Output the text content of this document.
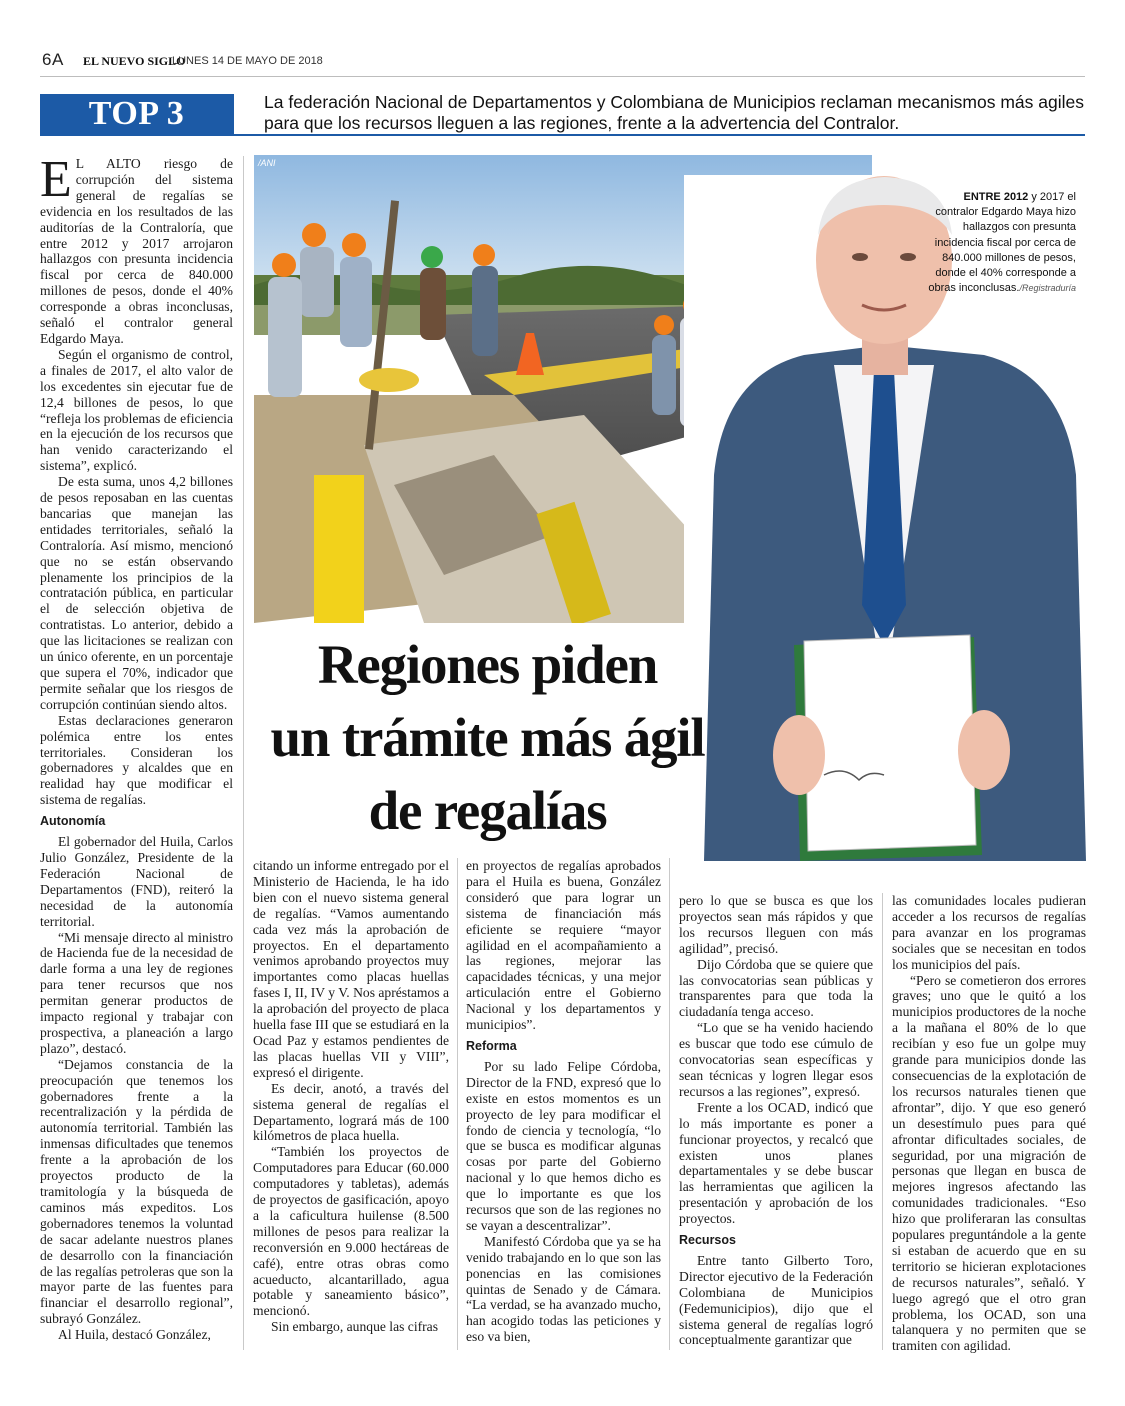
6A EL NUEVO SIGLO
LUNES 14 DE MAYO DE 2018
TOP 3	La federación Nacional de Departamentos y Colombiana de Municipios reclaman mecanismos más agiles para que los recursos lleguen a las regiones, frente a la advertencia del Contralor.

E L ALTO riesgo de corrupción del sistema general de regalías se evidencia en los resultados de las auditorías de la Contraloría, que entre 2012 y 2017 arrojaron hallazgos con presunta incidencia fiscal por cerca de 840.000 millones de pesos, donde el 40% corresponde a obras inconclusas, señaló el contralor general Edgardo Maya.

Según el organismo de control, a finales de 2017, el alto valor de los excedentes sin ejecutar fue de 12,4 billones de pesos, lo que “refleja los problemas de eficiencia en la ejecución de los recursos que han venido caracterizando el sistema”, explicó.

De esta suma, unos 4,2 billones de pesos reposaban en las cuentas bancarias que manejan las entidades territoriales, señaló la Contraloría. Así mismo, mencionó que no se están observando plenamente los principios de la contratación pública, en particular el de selección objetiva de contratistas. Lo anterior, debido a que las licitaciones se realizan con un único oferente, en un porcentaje que supera el 70%, indicador que permite señalar que los riesgos de corrupción continúan siendo altos.

Estas declaraciones generaron polémica entre los entes territoriales. Consideran los gobernadores y alcaldes que en realidad hay que modificar el sistema de regalías.

Autonomía

El gobernador del Huila, Carlos Julio González, Presidente de la Federación Nacional de Departamentos (FND), reiteró la necesidad de la autonomía territorial.

“Mi mensaje directo al ministro de Hacienda fue de la necesidad de darle forma a una ley de regiones para tener recursos que nos permitan generar productos de impacto regional y trabajar con prospectiva, a planeación a largo plazo”, destacó.

“Dejamos constancia de la preocupación que tenemos los gobernadores frente a la recentralización y la pérdida de autonomía territorial. También las inmensas dificultades que tenemos frente a la aprobación de los proyectos producto de la tramitología y la búsqueda de caminos más expeditos. Los gobernadores tenemos la voluntad de sacar adelante nuestros planes de desarrollo con la financiación de las regalías petroleras que son la mayor parte de las fuentes para financiar el desarrollo regional”, subrayó González.

Al Huila, destacó González,

/ANI
ENTRE 2012 y 2017 el contralor Edgardo Maya hizo hallazgos con presunta incidencia fiscal por cerca de 840.000 millones de pesos, donde el 40% corresponde a obras inconclusas./Registraduría
Regiones piden
un trámite más ágil
de regalías

citando un informe entregado por el Ministerio de Hacienda, le ha ido bien con el nuevo sistema general de regalías. “Vamos aumentando cada vez más la aprobación de proyectos. En el departamento venimos aprobando proyectos muy importantes como placas huellas fases I, II, IV y V. Nos apréstamos a la aprobación del proyecto de placa huella fase III que se estudiará en la Ocad Paz y estamos pendientes de las placas huellas VII y VIII”, expresó el dirigente.

Es decir, anotó, a través del sistema general de regalías el Departamento, logrará más de 100 kilómetros de placa huella.

“También los proyectos de Computadores para Educar (60.000 computadores y tabletas), además de proyectos de gasificación, apoyo a la caficultura huilense (8.500 millones de pesos para realizar la reconversión en 9.000 hectáreas de café), entre otras obras como acueducto, alcantarillado, agua potable y saneamiento básico”, mencionó.

Sin embargo, aunque las cifras

en proyectos de regalías aprobados para el Huila es buena, González consideró que para lograr un sistema de financiación más eficiente se requiere “mayor agilidad en el acompañamiento a las regiones, mejorar las capacidades técnicas, y una mejor articulación entre el Gobierno Nacional y los departamentos y municipios”.

Reforma

Por su lado Felipe Córdoba, Director de la FND, expresó que lo existe en estos momentos es un proyecto de ley para modificar el fondo de ciencia y tecnología, “lo que se busca es modificar algunas cosas por parte del Gobierno nacional y lo que hemos dicho es que lo importante es que los recursos que son de las regiones no se vayan a descentralizar”.

Manifestó Córdoba que ya se ha venido trabajando en lo que son las ponencias en las comisiones quintas de Senado y de Cámara. “La verdad, se ha avanzado mucho, han acogido todas las peticiones y eso va bien,

pero lo que se busca es que los proyectos sean más rápidos y que los recursos lleguen con más agilidad”, precisó.

Dijo Córdoba que se quiere que las convocatorias sean públicas y transparentes para que toda la ciudadanía tenga acceso.

“Lo que se ha venido haciendo es buscar que todo ese cúmulo de convocatorias sean específicas y sean técnicas y logren llegar esos recursos a las regiones”, expresó.

Frente a los OCAD, indicó que lo más importante es poner a funcionar proyectos, y recalcó que existen unos planes departamentales y se debe buscar las herramientas que agilicen la presentación y aprobación de los proyectos.

Recursos

Entre tanto Gilberto Toro, Director ejecutivo de la Federación Colombiana de Municipios (Fedemunicipios), dijo que el sistema general de regalías logró conceptualmente garantizar que

las comunidades locales pudieran acceder a los recursos de regalías para avanzar en los programas sociales que se necesitan en todos los municipios del país.

“Pero se cometieron dos errores graves; uno que le quitó a los municipios productores de la noche a la mañana el 80% de lo que recibían y eso fue un golpe muy grande para municipios donde las consecuencias de la explotación de los recursos naturales tienen que afrontar”, dijo. Y que eso generó un desestímulo pues para qué afrontar dificultades sociales, de seguridad, por una migración de personas que llegan en busca de mejores ingresos afectando las comunidades tradicionales. “Eso hizo que proliferaran las consultas populares preguntándole a la gente si estaban de acuerdo que en su territorio se hicieran explotaciones de recursos naturales”, señaló. Y luego agregó que el otro gran problema, los OCAD, son una talanquera y no permiten que se tramiten con agilidad.
